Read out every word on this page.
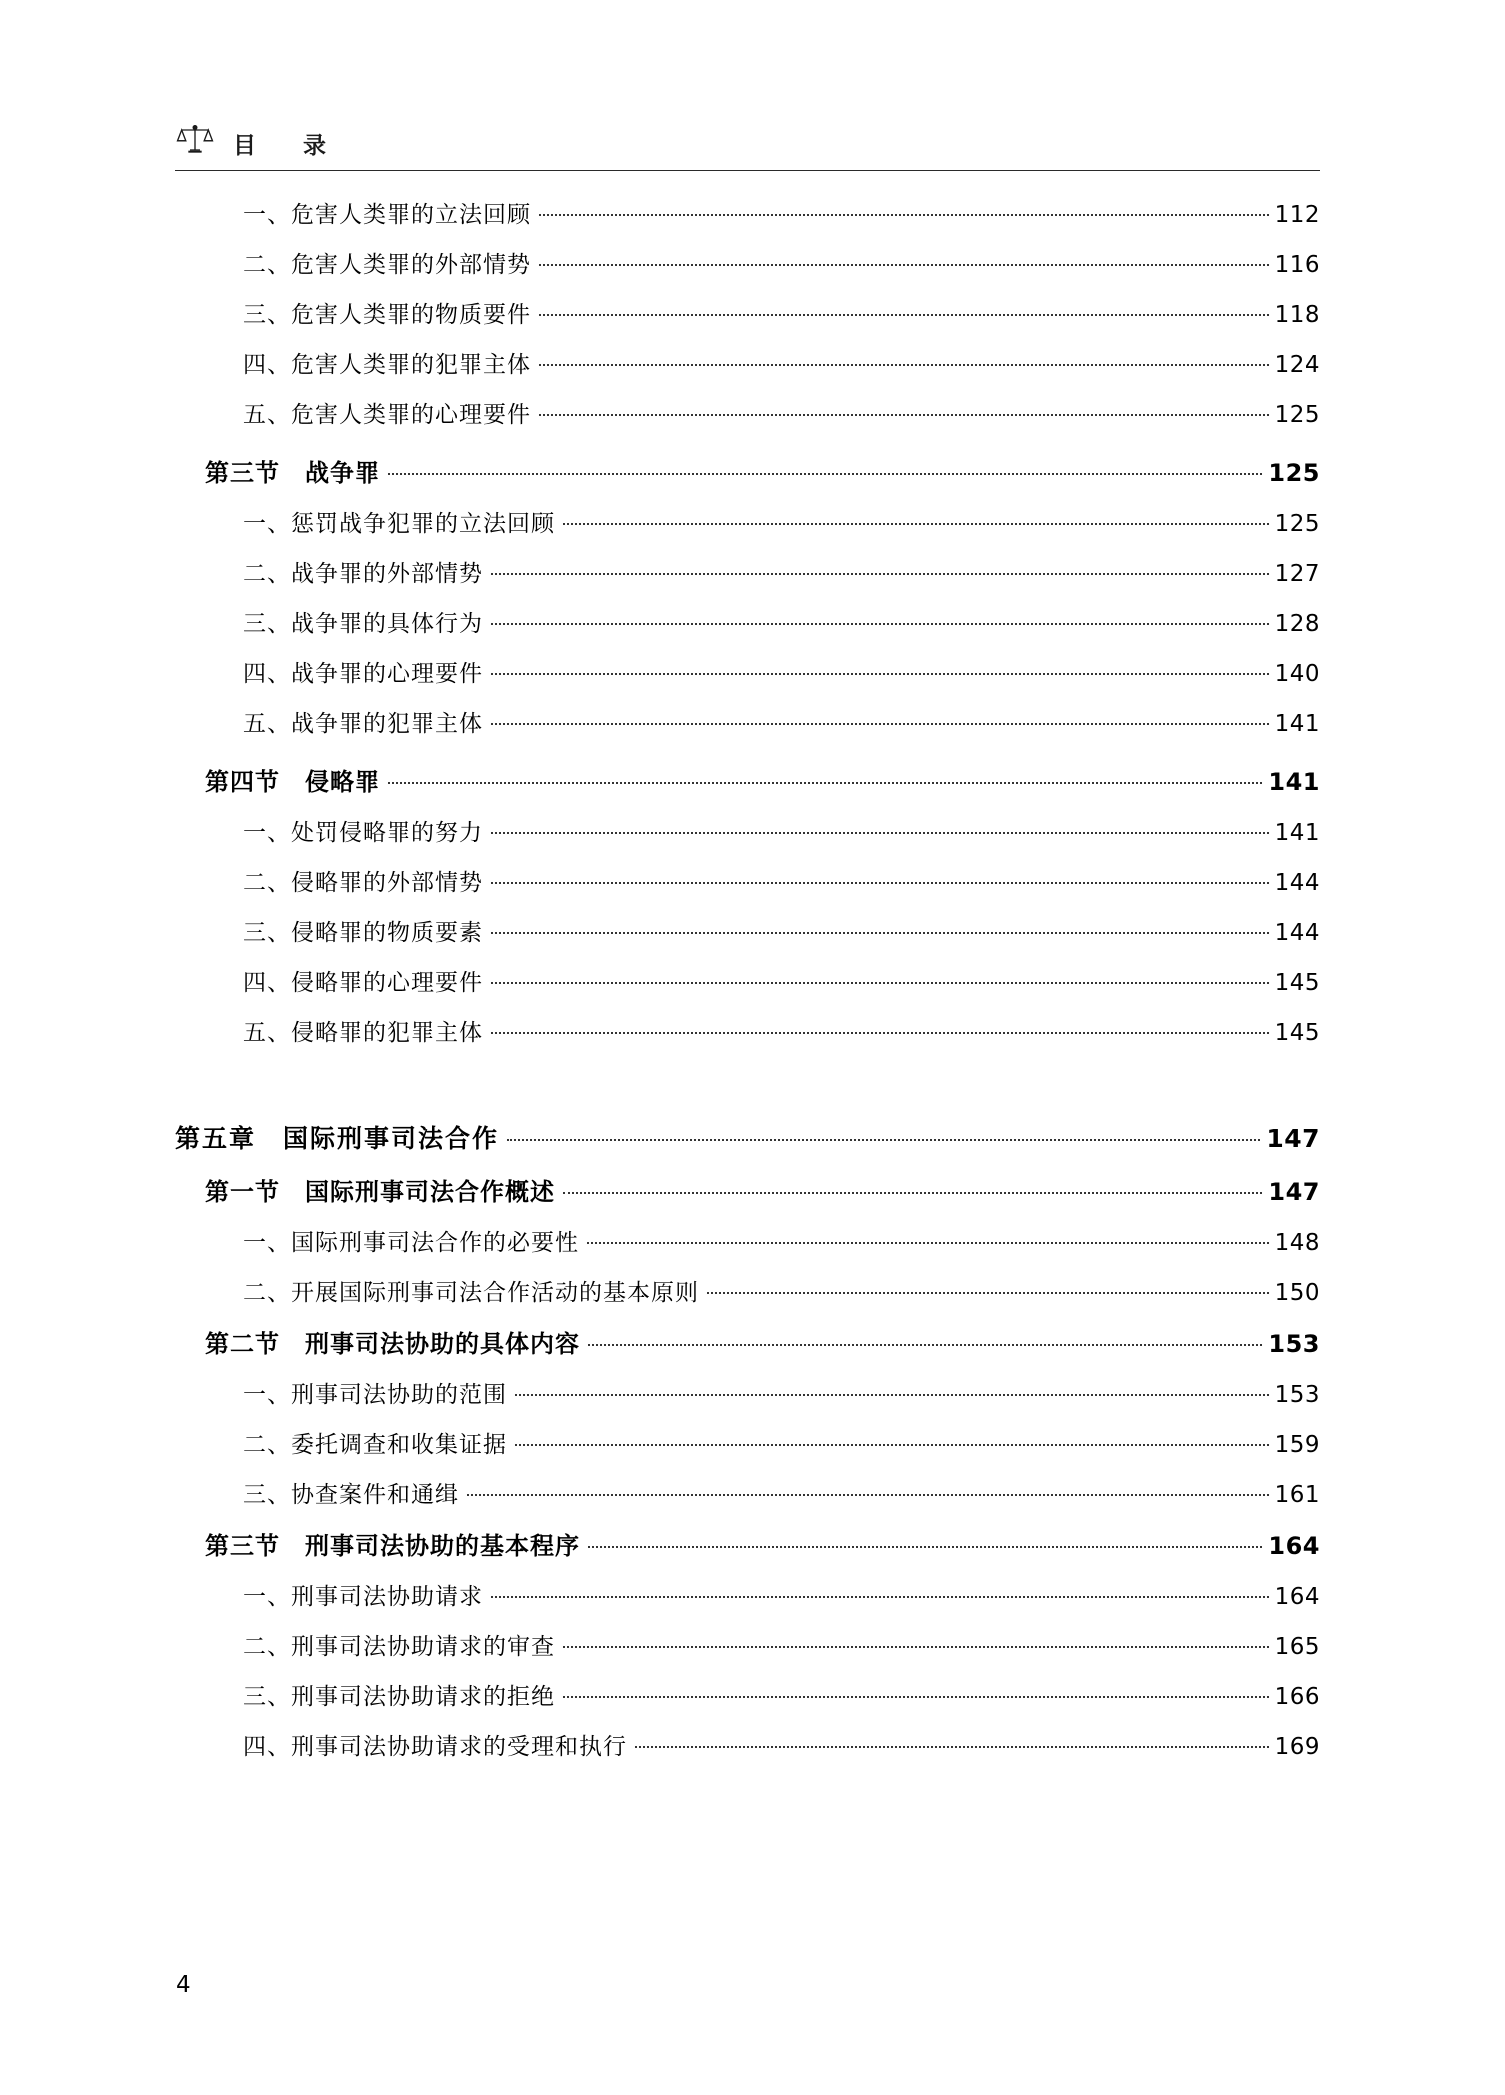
目　录
一、危害人类罪的立法回顾	112
二、危害人类罪的外部情势	116
三、危害人类罪的物质要件	118
四、危害人类罪的犯罪主体	124
五、危害人类罪的心理要件	125
第三节　战争罪	125
一、惩罚战争犯罪的立法回顾	125
二、战争罪的外部情势	127
三、战争罪的具体行为	128
四、战争罪的心理要件	140
五、战争罪的犯罪主体	141
第四节　侵略罪	141
一、处罚侵略罪的努力	141
二、侵略罪的外部情势	144
三、侵略罪的物质要素	144
四、侵略罪的心理要件	145
五、侵略罪的犯罪主体	145
第五章　国际刑事司法合作	147
第一节　国际刑事司法合作概述	147
一、国际刑事司法合作的必要性	148
二、开展国际刑事司法合作活动的基本原则	150
第二节　刑事司法协助的具体内容	153
一、刑事司法协助的范围	153
二、委托调查和收集证据	159
三、协查案件和通缉	161
第三节　刑事司法协助的基本程序	164
一、刑事司法协助请求	164
二、刑事司法协助请求的审查	165
三、刑事司法协助请求的拒绝	166
四、刑事司法协助请求的受理和执行	169
4
